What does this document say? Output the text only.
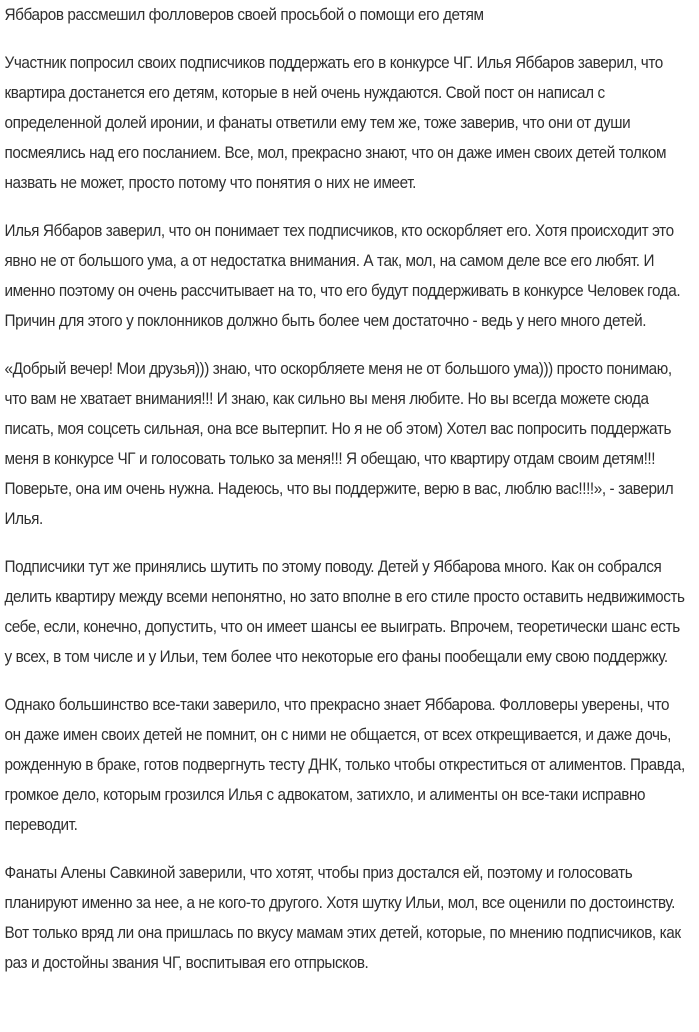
Яббаров рассмешил фолловеров своей просьбой о помощи его детям

Участник попросил своих подписчиков поддержать его в конкурсе ЧГ. Илья Яббаров заверил, что квартира достанется его детям, которые в ней очень нуждаются. Свой пост он написал с определенной долей иронии, и фанаты ответили ему тем же, тоже заверив, что они от души посмеялись над его посланием. Все, мол, прекрасно знают, что он даже имен своих детей толком назвать не может, просто потому что понятия о них не имеет.

Илья Яббаров заверил, что он понимает тех подписчиков, кто оскорбляет его. Хотя происходит это явно не от большого ума, а от недостатка внимания. А так, мол, на самом деле все его любят. И именно поэтому он очень рассчитывает на то, что его будут поддерживать в конкурсе Человек года. Причин для этого у поклонников должно быть более чем достаточно - ведь у него много детей.

«Добрый вечер! Мои друзья))) знаю, что оскорбляете меня не от большого ума))) просто понимаю, что вам не хватает внимания!!! И знаю, как сильно вы меня любите. Но вы всегда можете сюда писать, моя соцсеть сильная, она все вытерпит. Но я не об этом) Хотел вас попросить поддержать меня в конкурсе ЧГ и голосовать только за меня!!! Я обещаю, что квартиру отдам своим детям!!! Поверьте, она им очень нужна. Надеюсь, что вы поддержите, верю в вас, люблю вас!!!!», - заверил Илья.

Подписчики тут же принялись шутить по этому поводу. Детей у Яббарова много. Как он собрался делить квартиру между всеми непонятно, но зато вполне в его стиле просто оставить недвижимость себе, если, конечно, допустить, что он имеет шансы ее выиграть. Впрочем, теоретически шанс есть у всех, в том числе и у Ильи, тем более что некоторые его фаны пообещали ему свою поддержку.

Однако большинство все-таки заверило, что прекрасно знает Яббарова. Фолловеры уверены, что он даже имен своих детей не помнит, он с ними не общается, от всех открещивается, и даже дочь, рожденную в браке, готов подвергнуть тесту ДНК, только чтобы откреститься от алиментов. Правда, громкое дело, которым грозился Илья с адвокатом, затихло, и алименты он все-таки исправно переводит.

Фанаты Алены Савкиной заверили, что хотят, чтобы приз достался ей, поэтому и голосовать планируют именно за нее, а не кого-то другого. Хотя шутку Ильи, мол, все оценили по достоинству. Вот только вряд ли она пришлась по вкусу мамам этих детей, которые, по мнению подписчиков, как раз и достойны звания ЧГ, воспитывая его отпрысков.
